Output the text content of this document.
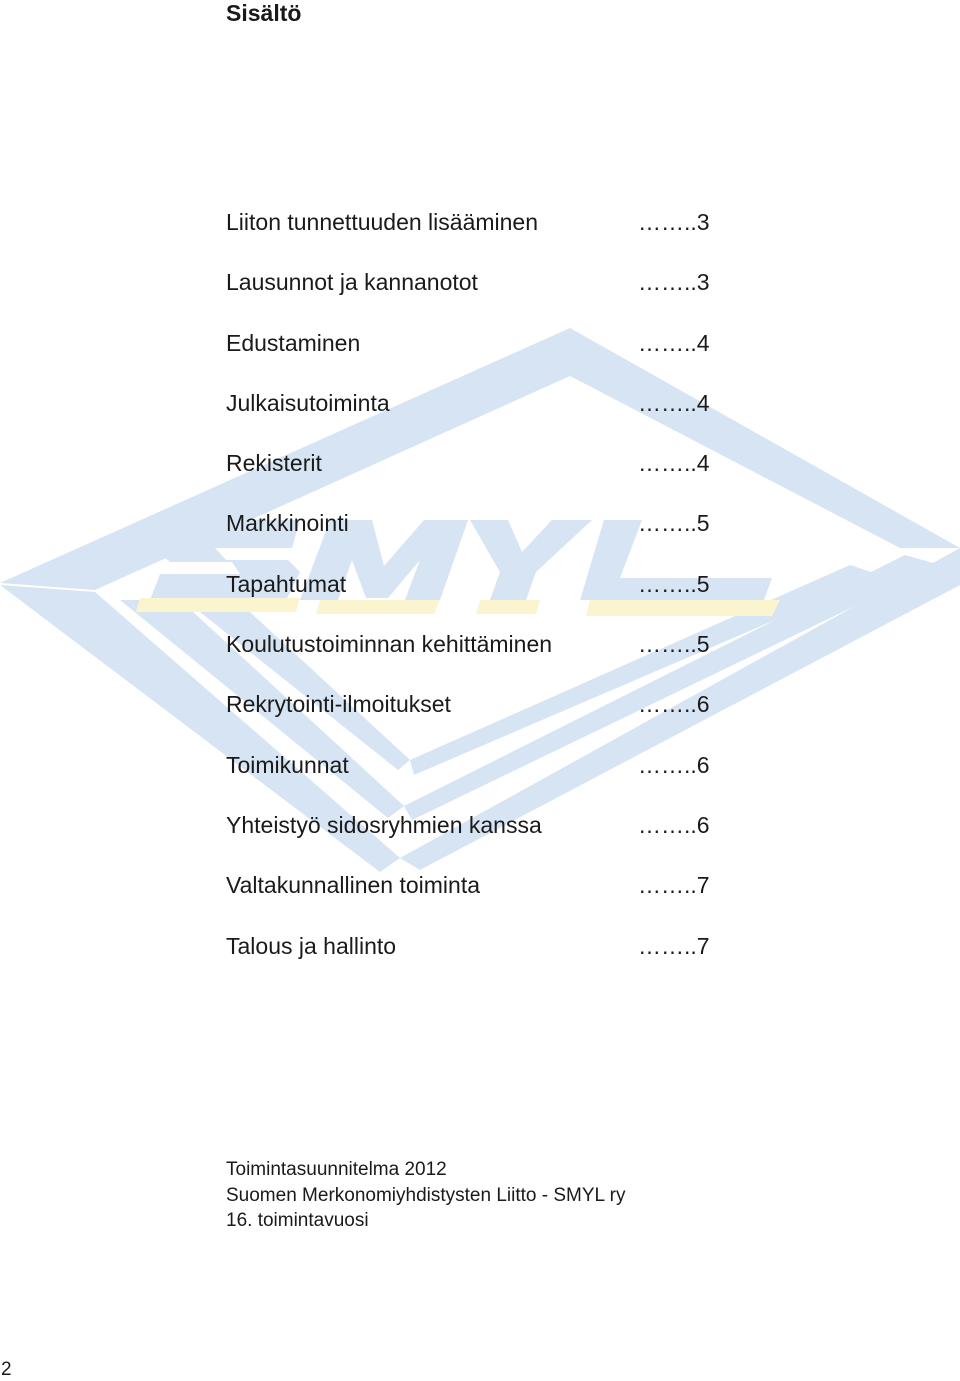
Sisältö
Liiton tunnettuuden lisääminen	……..3
Lausunnot ja kannanotot	……..3
Edustaminen	……..4
Julkaisutoiminta	……..4
Rekisterit	……..4
Markkinointi	……..5
Tapahtumat	……..5
Koulutustoiminnan kehittäminen	……..5
Rekrytointi-ilmoitukset	……..6
Toimikunnat	……..6
Yhteistyö sidosryhmien kanssa	……..6
Valtakunnallinen toiminta	……..7
Talous ja hallinto	……..7
Toimintasuunnitelma 2012
Suomen Merkonomiyhdistysten Liitto - SMYL ry
16. toimintavuosi
2
